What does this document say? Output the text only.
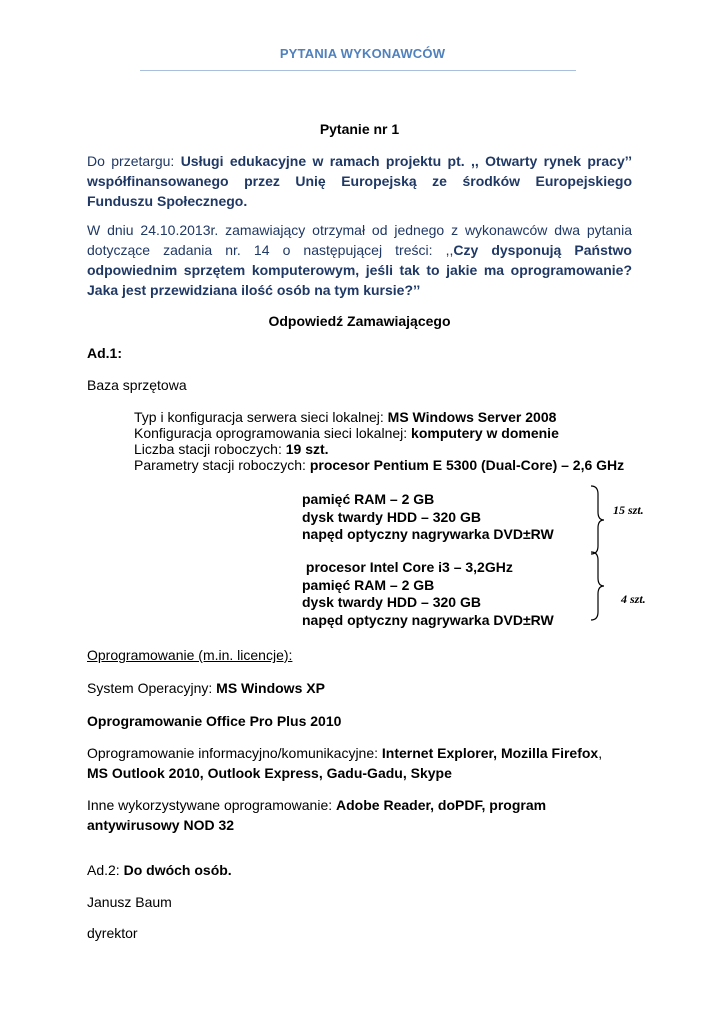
PYTANIA WYKONAWCÓW
Pytanie nr 1
Do przetargu: Usługi edukacyjne w ramach projektu pt. ,, Otwarty rynek pracy’’ współfinansowanego przez Unię Europejską ze środków Europejskiego Funduszu Społecznego.
W dniu 24.10.2013r. zamawiający otrzymał od jednego z wykonawców dwa pytania dotyczące zadania nr. 14 o następującej treści: ,,Czy dysponują Państwo odpowiednim sprzętem komputerowym, jeśli tak to jakie ma oprogramowanie? Jaka jest przewidziana ilość osób na tym kursie?’’
Odpowiedź Zamawiającego
Ad.1:
Baza sprzętowa
Typ i konfiguracja serwera sieci lokalnej: MS Windows Server 2008
Konfiguracja oprogramowania sieci lokalnej: komputery w domenie
Liczba stacji roboczych: 19 szt.
Parametry stacji roboczych: procesor Pentium E 5300 (Dual-Core) – 2,6 GHz
pamięć RAM – 2 GB
dysk twardy HDD – 320 GB
napęd optyczny nagrywarka DVD±RW
15 szt.
procesor Intel Core i3 – 3,2GHz
pamięć RAM – 2 GB
dysk twardy HDD – 320 GB
napęd optyczny nagrywarka DVD±RW
4 szt.
Oprogramowanie (m.in. licencje):
System Operacyjny: MS Windows XP
Oprogramowanie Office Pro Plus 2010
Oprogramowanie informacyjno/komunikacyjne: Internet Explorer, Mozilla Firefox,
MS Outlook 2010, Outlook Express, Gadu-Gadu, Skype
Inne wykorzystywane oprogramowanie: Adobe Reader, doPDF, program antywirusowy NOD 32
Ad.2: Do dwóch osób.
Janusz Baum
dyrektor
